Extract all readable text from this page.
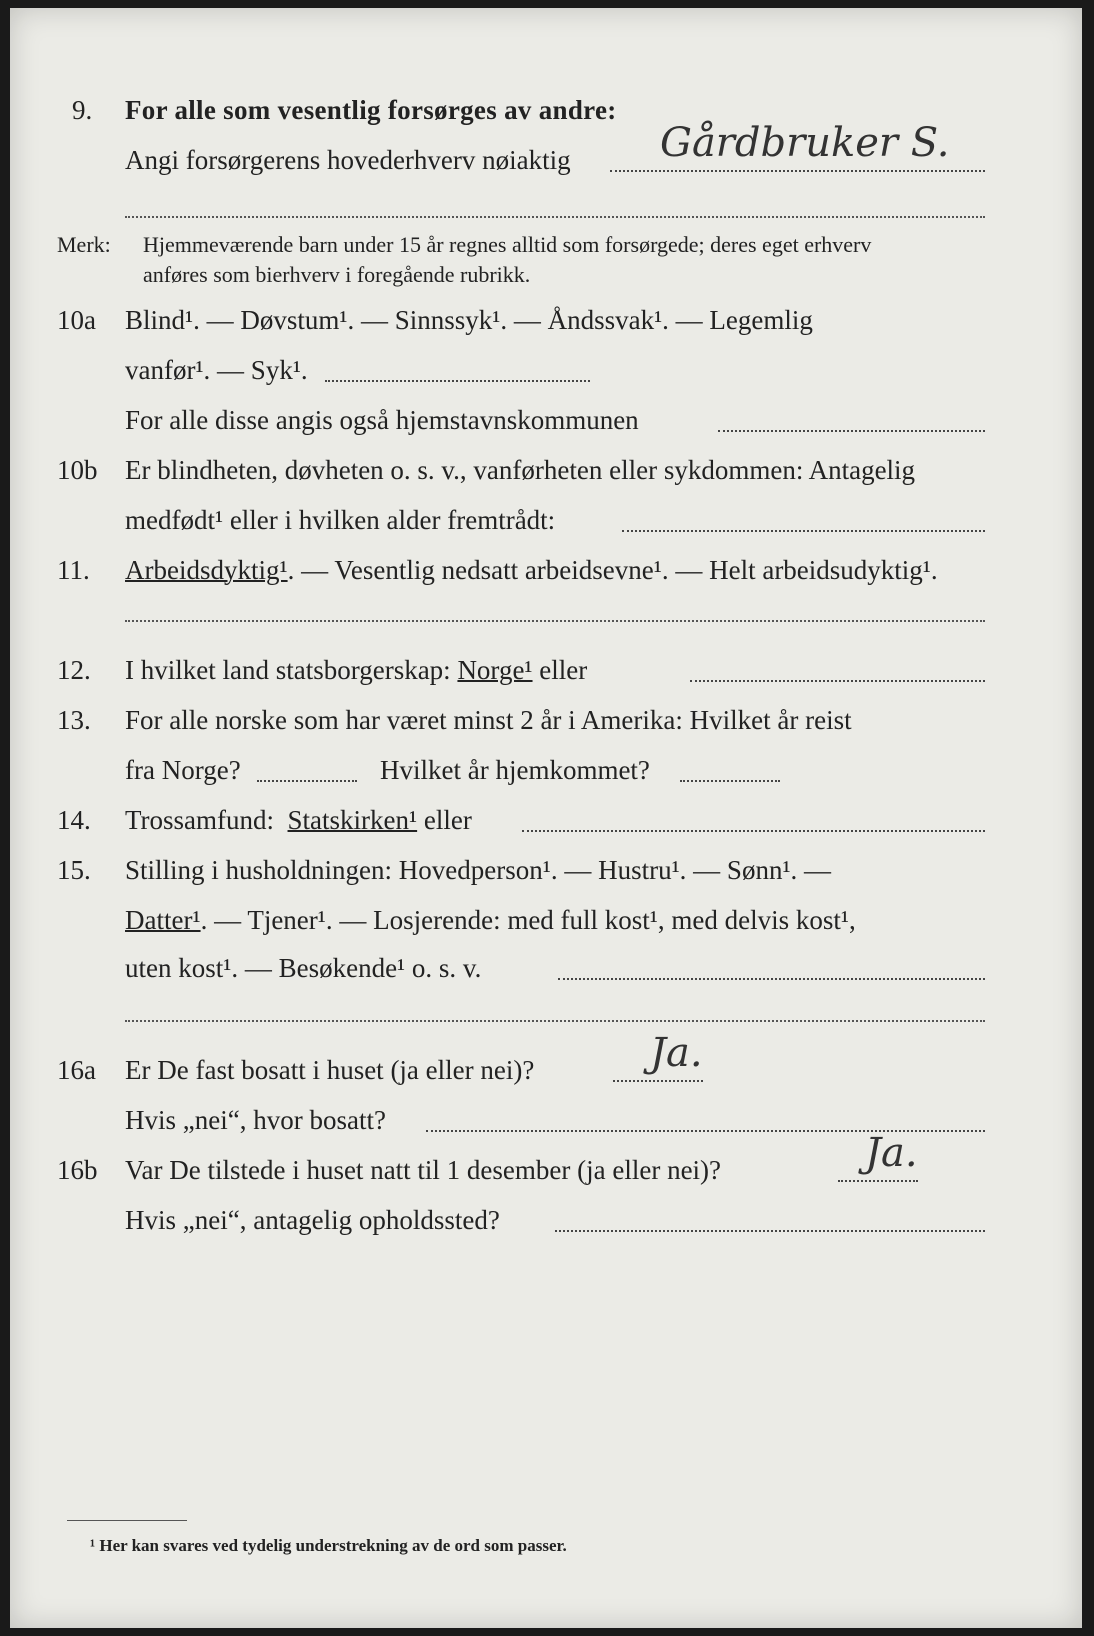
9. For alle som vesentlig forsørges av andre:
Angi forsørgerens hovederhverv nøiaktig Gårdbruker S.
Merk: Hjemmeværende barn under 15 år regnes alltid som forsørgede; deres eget erhverv
anføres som bierhverv i foregående rubrikk.
10a Blind¹. — Døvstum¹. — Sinnssyk¹. — Åndssvak¹. — Legemlig
vanfør¹. — Syk¹.
For alle disse angis også hjemstavnskommunen
10b Er blindheten, døvheten o. s. v., vanførheten eller sykdommen: Antagelig
medfødt¹ eller i hvilken alder fremtrådt:
11. Arbeidsdyktig¹. — Vesentlig nedsatt arbeidsevne¹. — Helt arbeidsudyktig¹.
12. I hvilket land statsborgerskap: Norge¹ eller
13. For alle norske som har været minst 2 år i Amerika: Hvilket år reist
fra Norge?	Hvilket år hjemkommet?
14. Trossamfund: Statskirken¹ eller
15. Stilling i husholdningen: Hovedperson¹. — Hustru¹. — Sønn¹. —
Datter¹. — Tjener¹. — Losjerende: med full kost¹, med delvis kost¹,
uten kost¹. — Besøkende¹ o. s. v.
16a Er De fast bosatt i huset (ja eller nei)?	Ja.
Hvis „nei“, hvor bosatt?
16b Var De tilstede i huset natt til 1 desember (ja eller nei)?	Ja.
Hvis „nei“, antagelig opholdssted?
¹ Her kan svares ved tydelig understrekning av de ord som passer.
